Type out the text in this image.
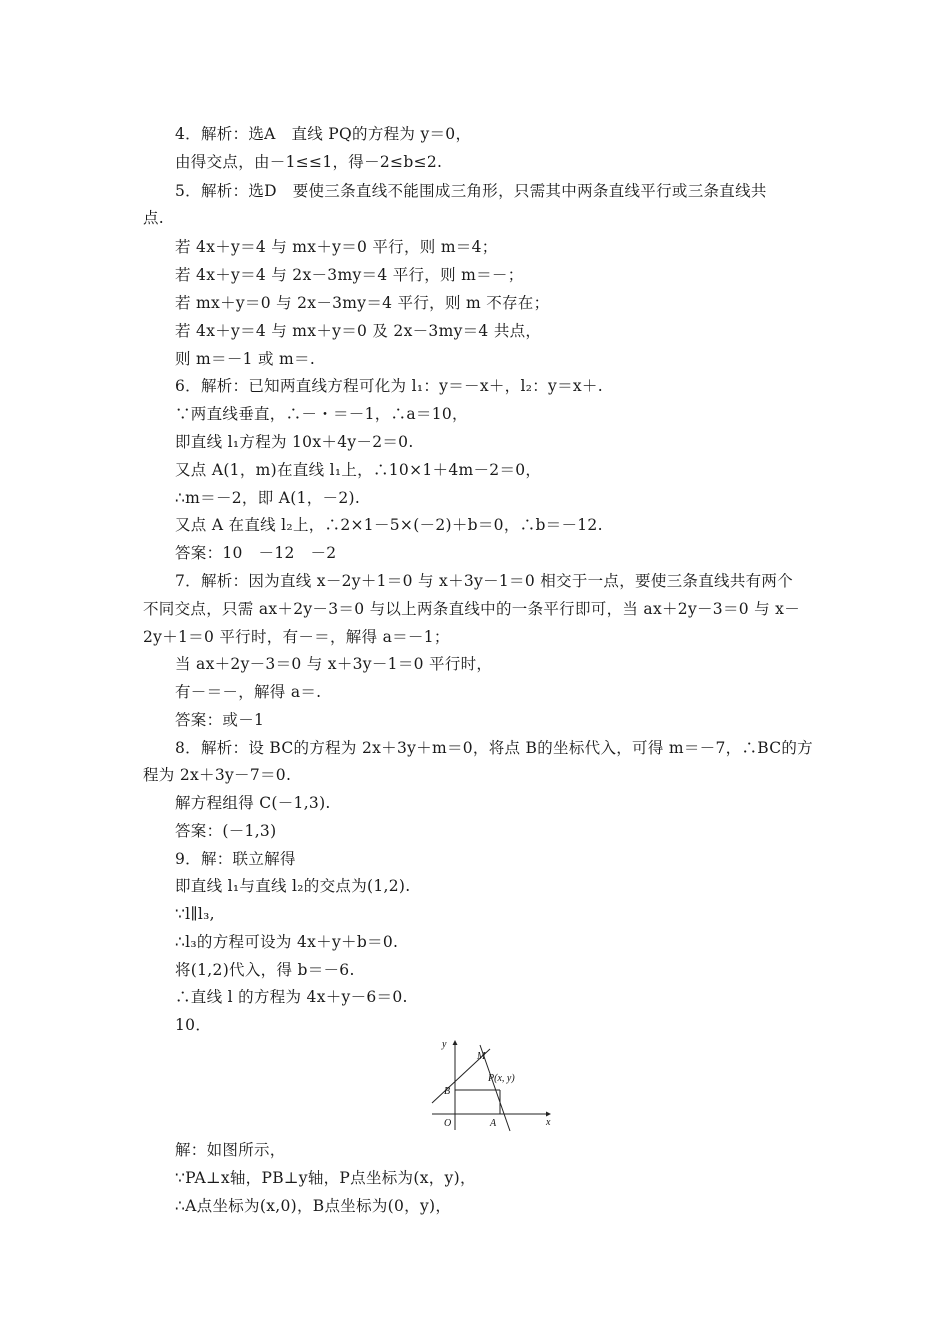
4．解析：选A　直线 PQ的方程为 y＝0，
由得交点，由－1≤≤1，得－2≤b≤2.
5．解析：选D　要使三条直线不能围成三角形，只需其中两条直线平行或三条直线共
点.
若 4x＋y＝4 与 mx＋y＝0 平行，则 m＝4；
若 4x＋y＝4 与 2x－3my＝4 平行，则 m＝－；
若 mx＋y＝0 与 2x－3my＝4 平行，则 m 不存在；
若 4x＋y＝4 与 mx＋y＝0 及 2x－3my＝4 共点，
则 m＝－1 或 m＝.
6．解析：已知两直线方程可化为 l₁：y＝－x＋，l₂：y＝x＋.
∵两直线垂直，∴－・＝－1，∴a＝10，
即直线 l₁方程为 10x＋4y－2＝0.
又点 A(1，m)在直线 l₁上，∴10×1＋4m－2＝0，
∴m＝－2，即 A(1，－2).
又点 A 在直线 l₂上，∴2×1－5×(－2)＋b＝0，∴b＝－12.
答案：10　－12　－2
7．解析：因为直线 x－2y＋1＝0 与 x＋3y－1＝0 相交于一点，要使三条直线共有两个
不同交点，只需 ax＋2y－3＝0 与以上两条直线中的一条平行即可，当 ax＋2y－3＝0 与 x－
2y＋1＝0 平行时，有－＝，解得 a＝－1；
当 ax＋2y－3＝0 与 x＋3y－1＝0 平行时，
有－＝－，解得 a＝.
答案：或－1
8．解析：设 BC的方程为 2x＋3y＋m＝0，将点 B的坐标代入，可得 m＝－7，∴BC的方
程为 2x＋3y－7＝0.
解方程组得 C(－1,3).
答案：(－1,3)
9．解：联立解得
即直线 l₁与直线 l₂的交点为(1,2).
∵l∥l₃,
∴l₃的方程可设为 4x＋y＋b＝0.
将(1,2)代入，得 b＝－6.
∴直线 l 的方程为 4x＋y－6＝0.
10．
解：如图所示，
∵PA⊥x轴，PB⊥y轴，P点坐标为(x，y)，
∴A点坐标为(x,0)，B点坐标为(0，y)，
y
x
O	A
B
M
P(x, y)
